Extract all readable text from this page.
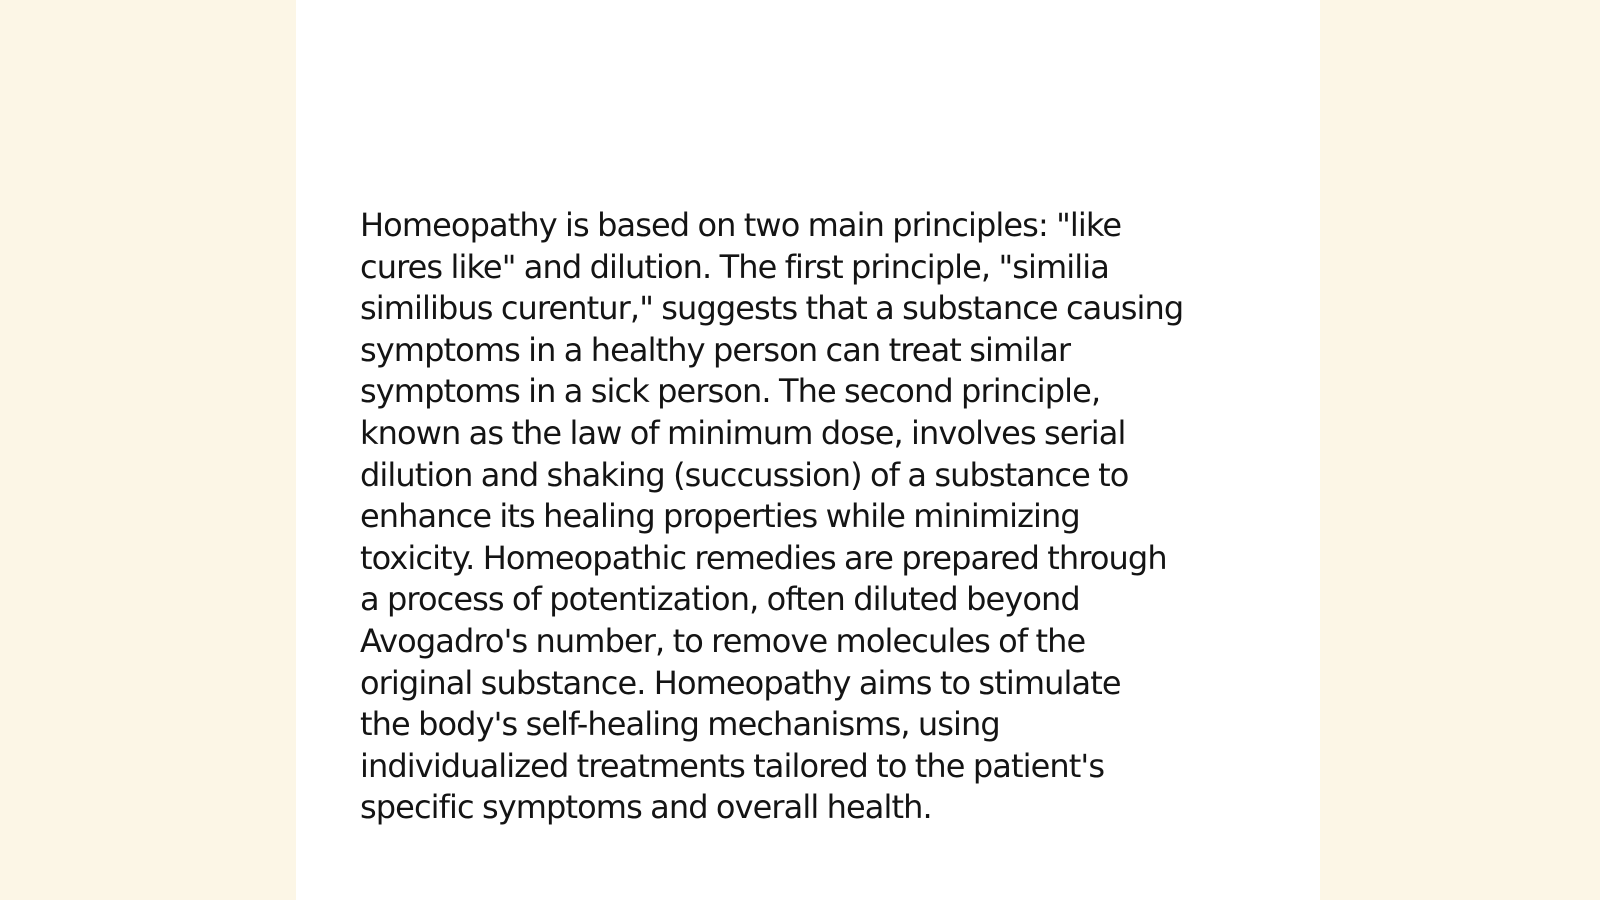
Homeopathy is based on two main principles: "like
cures like" and dilution. The first principle, "similia
similibus curentur," suggests that a substance causing
symptoms in a healthy person can treat similar
symptoms in a sick person. The second principle,
known as the law of minimum dose, involves serial
dilution and shaking (succussion) of a substance to
enhance its healing properties while minimizing
toxicity. Homeopathic remedies are prepared through
a process of potentization, often diluted beyond
Avogadro's number, to remove molecules of the
original substance. Homeopathy aims to stimulate
the body's self-healing mechanisms, using
individualized treatments tailored to the patient's
specific symptoms and overall health.
